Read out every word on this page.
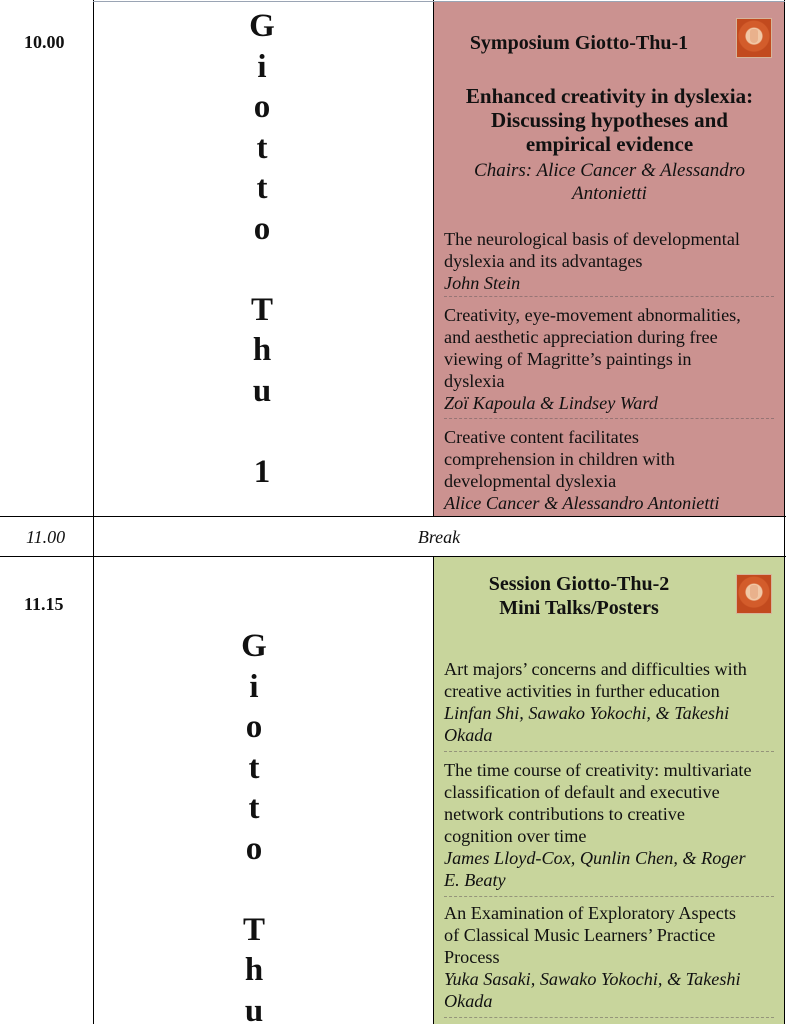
10.00	G
i
o
t
t
o
T
h
u
1
Symposium Giotto-Thu-1
Enhanced creativity in dyslexia:
Discussing hypotheses and
empirical evidence
Chairs: Alice Cancer & Alessandro
Antonietti
The neurological basis of developmental
dyslexia and its advantages
John Stein
Creativity, eye-movement abnormalities,
and aesthetic appreciation during free
viewing of Magritte’s paintings in
dyslexia
Zoï Kapoula & Lindsey Ward
Creative content facilitates
comprehension in children with
developmental dyslexia
Alice Cancer & Alessandro Antonietti
11.00	Break
11.15
G
i
o
t
t
o
T
h
u
Session Giotto-Thu-2
Mini Talks/Posters
Art majors’ concerns and difficulties with
creative activities in further education
Linfan Shi, Sawako Yokochi, & Takeshi
Okada
The time course of creativity: multivariate
classification of default and executive
network contributions to creative
cognition over time
James Lloyd-Cox, Qunlin Chen, & Roger
E. Beaty
An Examination of Exploratory Aspects
of Classical Music Learners’ Practice
Process
Yuka Sasaki, Sawako Yokochi, & Takeshi
Okada
